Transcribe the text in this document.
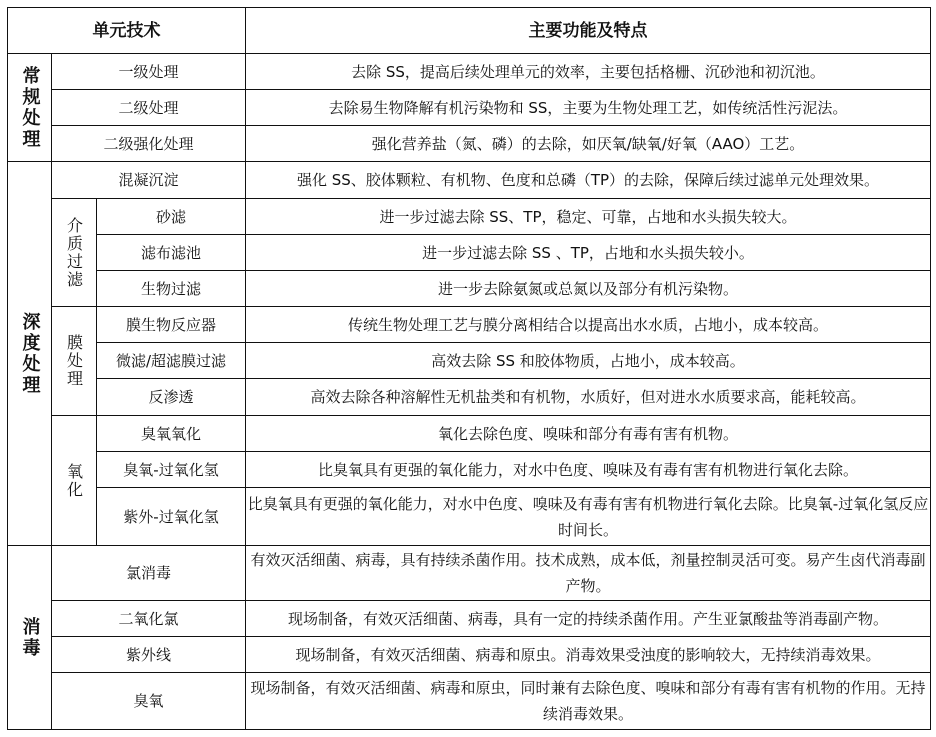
单元技术			主要功能及特点

常规处理	一级处理		去除 SS，提高后续处理单元的效率，主要包括格栅、沉砂池和初沉池。
	二级处理		去除易生物降解有机污染物和 SS，主要为生物处理工艺，如传统活性污泥法。
	二级强化处理		强化营养盐（氮、磷）的去除，如厌氧/缺氧/好氧（AAO）工艺。

深度处理	混凝沉淀		强化 SS、胶体颗粒、有机物、色度和总磷（TP）的去除，保障后续过滤单元处理效果。

	介质过滤	砂滤	进一步过滤去除 SS、TP，稳定、可靠，占地和水头损失较大。
		滤布滤池	进一步过滤去除 SS 、TP，占地和水头损失较小。
		生物过滤	进一步去除氨氮或总氮以及部分有机污染物。

	膜处理	膜生物反应器	传统生物处理工艺与膜分离相结合以提高出水水质，占地小，成本较高。
		微滤/超滤膜过滤	高效去除 SS 和胶体物质，占地小，成本较高。
		反渗透	高效去除各种溶解性无机盐类和有机物，水质好，但对进水水质要求高，能耗较高。

	氧化	臭氧氧化	氧化去除色度、嗅味和部分有毒有害有机物。
		臭氧-过氧化氢	比臭氧具有更强的氧化能力，对水中色度、嗅味及有毒有害有机物进行氧化去除。
		紫外-过氧化氢	比臭氧具有更强的氧化能力，对水中色度、嗅味及有毒有害有机物进行氧化去除。比臭氧-过氧化氢反应时间长。

消毒	氯消毒		有效灭活细菌、病毒，具有持续杀菌作用。技术成熟，成本低，剂量控制灵活可变。易产生卤代消毒副产物。
	二氧化氯		现场制备，有效灭活细菌、病毒，具有一定的持续杀菌作用。产生亚氯酸盐等消毒副产物。
	紫外线		现场制备，有效灭活细菌、病毒和原虫。消毒效果受浊度的影响较大，无持续消毒效果。
	臭氧		现场制备，有效灭活细菌、病毒和原虫，同时兼有去除色度、嗅味和部分有毒有害有机物的作用。无持续消毒效果。
